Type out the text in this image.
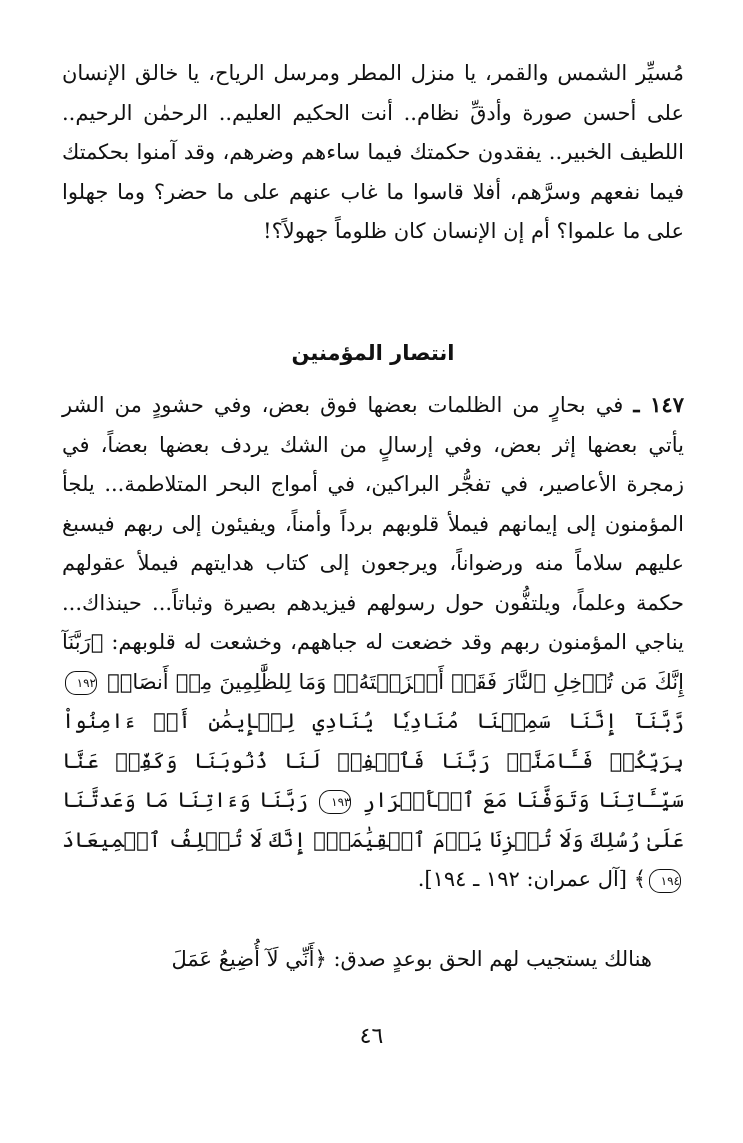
مُسيِّر الشمس والقمر، يا منزل المطر ومرسل الرياح، يا خالق الإنسان على أحسن صورة وأدقِّ نظام.. أنت الحكيم العليم.. الرحمٰن الرحيم.. اللطيف الخبير.. يفقدون حكمتك فيما ساءهم وضرهم، وقد آمنوا بحكمتك فيما نفعهم وسرَّهم، أفلا قاسوا ما غاب عنهم على ما حضر؟ وما جهلوا على ما علموا؟ أم إن الإنسان كان ظلوماً جهولاً؟!
انتصار المؤمنين
١٤٧ ـ في بحارٍ من الظلمات بعضها فوق بعض، وفي حشودٍ من الشر يأتي بعضها إثر بعض، وفي إرسالٍ من الشك يردف بعضها بعضاً، في زمجرة الأعاصير، في تفجُّر البراكين، في أمواج البحر المتلاطمة... يلجأ المؤمنون إلى إيمانهم فيملأ قلوبهم برداً وأمناً، ويفيئون إلى ربهم فيسبغ عليهم سلاماً منه ورضواناً، ويرجعون إلى كتاب هدايتهم فيملأ عقولهم حكمة وعلماً، ويلتفُّون حول رسولهم فيزيدهم بصيرة وثباتاً... حينذاك... يناجي المؤمنون ربهم وقد خضعت له جباههم، وخشعت له قلوبهم: ﴿رَبَّنَآ إِنَّكَ مَن تُدۡخِلِ ٱلنَّارَ فَقَدۡ أَخۡزَيۡتَهُۥۖ وَمَا لِلظَّٰلِمِينَ مِنۡ أَنصَارٖ ١٩٢ رَّبَّنَآ إِنَّنَا سَمِعۡنَا مُنَادِيٗا يُنَادِي لِلۡإِيمَٰنِ أَنۡ ءَامِنُواْ بِرَبِّكُمۡ فَـَٔامَنَّاۚ رَبَّنَا فَٱغۡفِرۡ لَنَا ذُنُوبَنَا وَكَفِّرۡ عَنَّا سَيِّـَٔاتِنَا وَتَوَفَّنَا مَعَ ٱلۡأَبۡرَارِ ١٩٣ رَبَّنَا وَءَاتِنَا مَا وَعَدتَّنَا عَلَىٰ رُسُلِكَ وَلَا تُخۡزِنَا يَوۡمَ ٱلۡقِيَٰمَةِۖ إِنَّكَ لَا تُخۡلِفُ ٱلۡمِيعَادَ ١٩٤﴾ [آل عمران: ١٩٢ ـ ١٩٤].
هنالك يستجيب لهم الحق بوعدٍ صدق: ﴿أَنِّي لَآ أُضِيعُ عَمَلَ
٤٦
